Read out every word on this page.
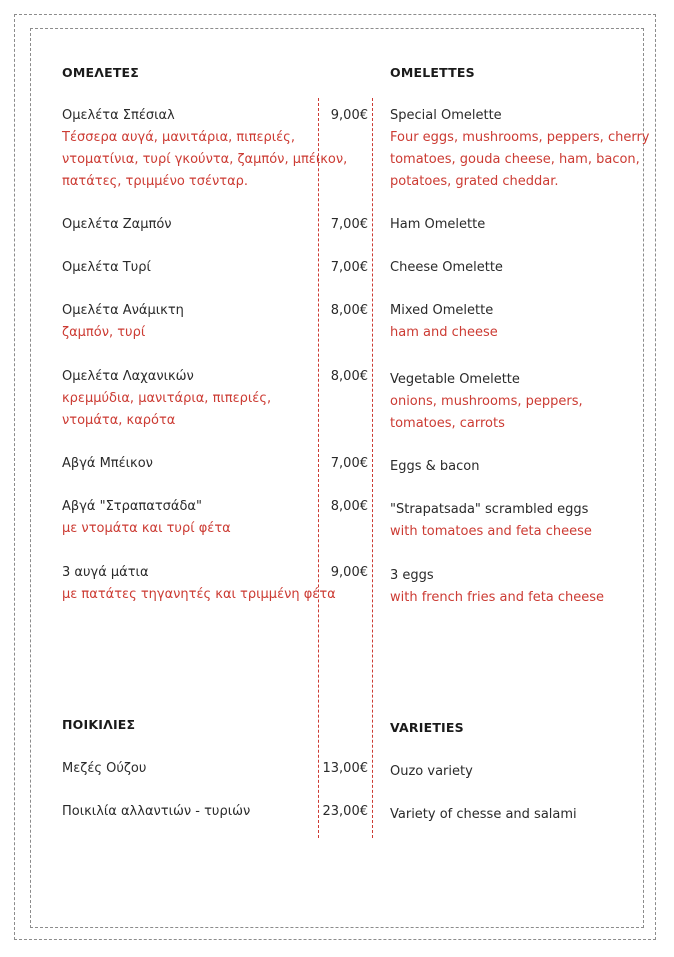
ΟΜΕΛΕΤΕΣ	OMELETTES
Ομελέτα Σπέσιαλ	9,00€ Special Omelette
Τέσσερα αυγά, μανιτάρια, πιπεριές,
ντοματίνια, τυρί γκούντα, ζαμπόν, μπέικον,
πατάτες, τριμμένο τσένταρ.
Four eggs, mushrooms, peppers, cherry
tomatoes, gouda cheese, ham, bacon,
potatoes, grated cheddar.
Ομελέτα Ζαμπόν	7,00€ Ham Omelette
Ομελέτα Τυρί	7,00€ Cheese Omelette
Ομελέτα Ανάμικτη	8,00€ Mixed Omelette
ζαμπόν, τυρί	ham and cheese
Ομελέτα Λαχανικών	8,00€ Vegetable Omelette
κρεμμύδια, μανιτάρια, πιπεριές,
ντομάτα, καρότα
onions, mushrooms, peppers,
tomatoes, carrots
Αβγά Μπέικον	7,00€ Eggs & bacon
Αβγά "Στραπατσάδα"	8,00€ "Strapatsada" scrambled eggs
με ντομάτα και τυρί φέτα	with tomatoes and feta cheese
3 αυγά μάτια	9,00€ 3 eggs
με πατάτες τηγανητές και τριμμένη φέτα	with french fries and feta cheese
ΠΟΙΚΙΛΙΕΣ	VARIETIES
Μεζές Ούζου	13,00€ Ouzo variety
Ποικιλία αλλαντιών - τυριών	23,00€ Variety of chesse and salami
